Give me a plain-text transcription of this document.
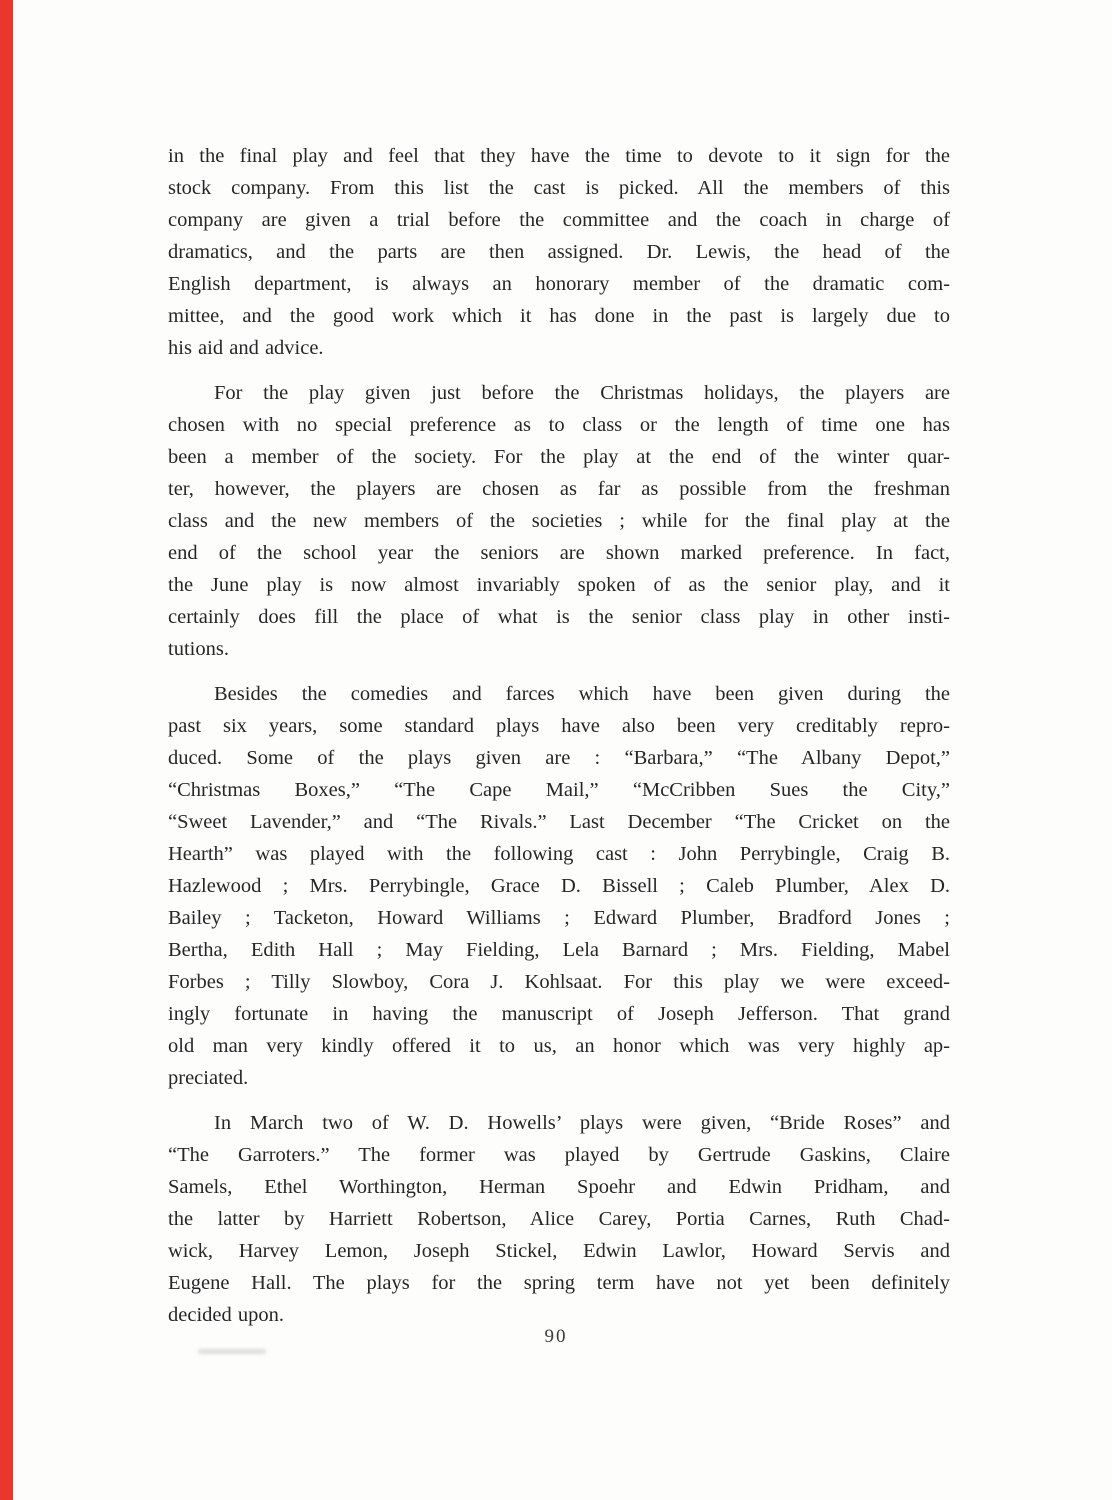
in the final play and feel that they have the time to devote to it sign for the
stock company. From this list the cast is picked. All the members of this
company are given a trial before the committee and the coach in charge of
dramatics, and the parts are then assigned. Dr. Lewis, the head of the
English department, is always an honorary member of the dramatic com-
mittee, and the good work which it has done in the past is largely due to
his aid and advice.
For the play given just before the Christmas holidays, the players are
chosen with no special preference as to class or the length of time one has
been a member of the society. For the play at the end of the winter quar-
ter, however, the players are chosen as far as possible from the freshman
class and the new members of the societies ; while for the final play at the
end of the school year the seniors are shown marked preference. In fact,
the June play is now almost invariably spoken of as the senior play, and it
certainly does fill the place of what is the senior class play in other insti-
tutions.
Besides the comedies and farces which have been given during the
past six years, some standard plays have also been very creditably repro-
duced. Some of the plays given are : “Barbara,” “The Albany Depot,”
“Christmas Boxes,” “The Cape Mail,” “McCribben Sues the City,”
“Sweet Lavender,” and “The Rivals.” Last December “The Cricket on the
Hearth” was played with the following cast : John Perrybingle, Craig B.
Hazlewood ; Mrs. Perrybingle, Grace D. Bissell ; Caleb Plumber, Alex D.
Bailey ; Tacketon, Howard Williams ; Edward Plumber, Bradford Jones ;
Bertha, Edith Hall ; May Fielding, Lela Barnard ; Mrs. Fielding, Mabel
Forbes ; Tilly Slowboy, Cora J. Kohlsaat. For this play we were exceed-
ingly fortunate in having the manuscript of Joseph Jefferson. That grand
old man very kindly offered it to us, an honor which was very highly ap-
preciated.
In March two of W. D. Howells’ plays were given, “Bride Roses” and
“The Garroters.” The former was played by Gertrude Gaskins, Claire
Samels, Ethel Worthington, Herman Spoehr and Edwin Pridham, and
the latter by Harriett Robertson, Alice Carey, Portia Carnes, Ruth Chad-
wick, Harvey Lemon, Joseph Stickel, Edwin Lawlor, Howard Servis and
Eugene Hall. The plays for the spring term have not yet been definitely
decided upon.
90
